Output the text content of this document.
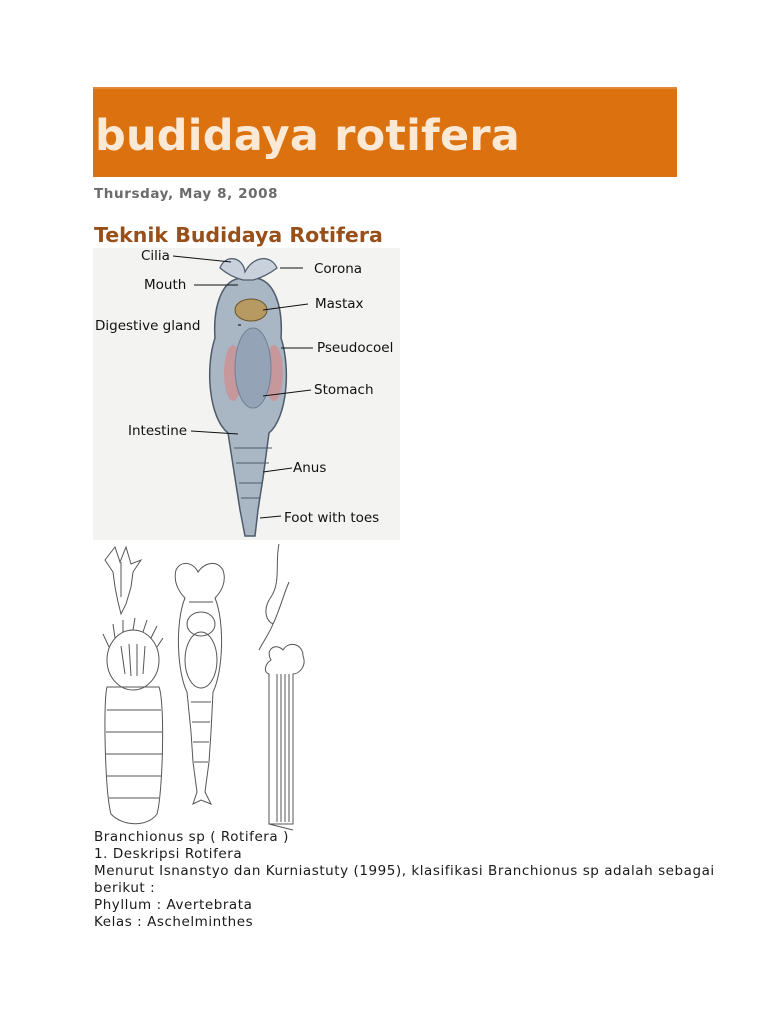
budidaya rotifera
Thursday, May 8, 2008
Teknik Budidaya Rotifera
Cilia
Corona
Mouth
Mastax
Digestive gland
Pseudocoel
Stomach
Intestine
Anus
Foot with toes
Branchionus sp ( Rotifera )
1. Deskripsi Rotifera
Menurut Isnanstyo dan Kurniastuty (1995), klasifikasi Branchionus sp adalah sebagai
berikut :
Phyllum : Avertebrata
Kelas : Aschelminthes
